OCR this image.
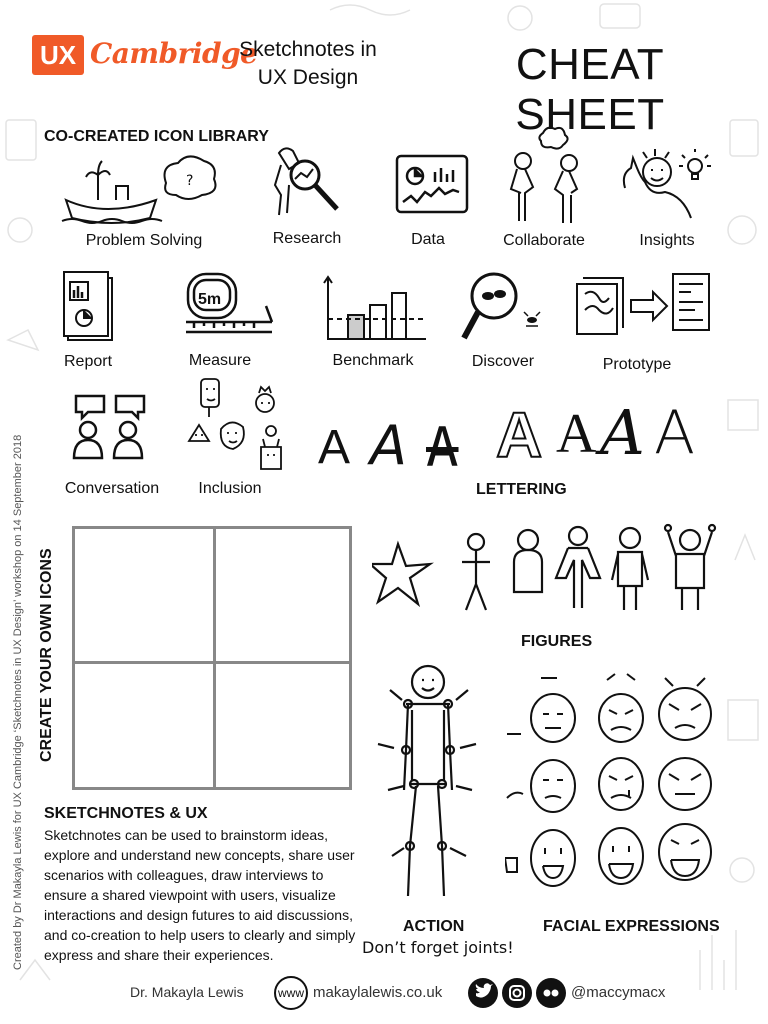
UX Cambridge
Sketchnotes in UX Design	CHEAT SHEET
CO-CREATED ICON LIBRARY
?
Problem Solving	Research	Data	Collaborate	Insights
5m
Report	Measure	Benchmark	Discover	Prototype
Conversation	Inclusion
A A A A A A A
LETTERING
CREATE YOUR OWN ICONS	FIGURES
ACTION
Don’t forget joints!
FACIAL EXPRESSIONS
SKETCHNOTES & UX
Sketchnotes can be used to brainstorm ideas, explore and understand new concepts, share user scenarios with colleagues, draw interviews to ensure a shared viewpoint with users, visualize interactions and design futures to aid discussions, and co-creation to help users to clearly and simply express and share their experiences.
Created by Dr Makayla Lewis for UX Cambridge ‘Sketchnotes in UX Design’ workshop on 14 September 2018
Dr. Makayla Lewis	www makaylalewis.co.uk	@maccymacx
